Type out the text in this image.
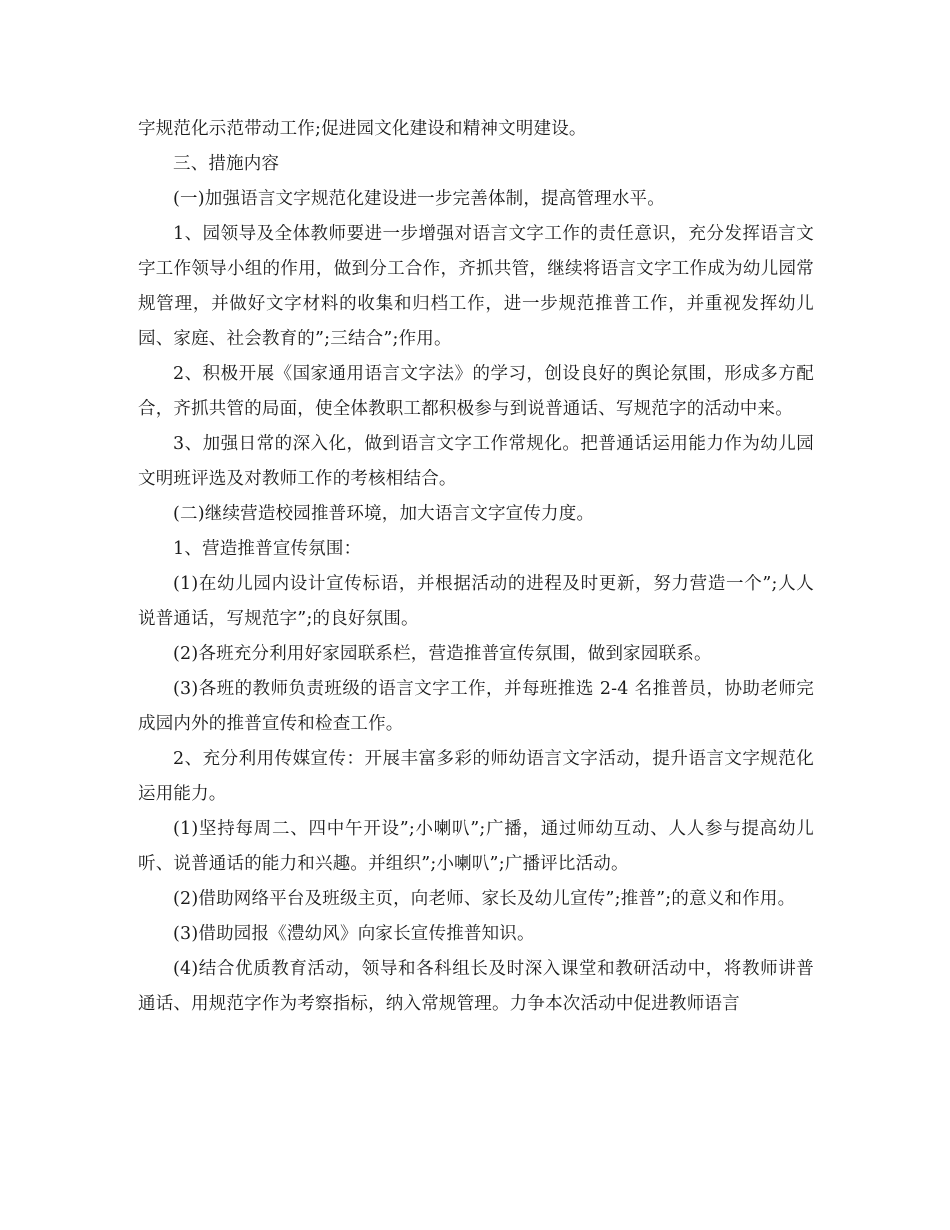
字规范化示范带动工作;促进园文化建设和精神文明建设。

三、措施内容

(一)加强语言文字规范化建设进一步完善体制，提高管理水平。

1、园领导及全体教师要进一步增强对语言文字工作的责任意识，充分发挥语言文字工作领导小组的作用，做到分工合作，齐抓共管，继续将语言文字工作成为幼儿园常规管理，并做好文字材料的收集和归档工作，进一步规范推普工作，并重视发挥幼儿园、家庭、社会教育的”;三结合”;作用。

2、积极开展《国家通用语言文字法》的学习，创设良好的舆论氛围，形成多方配合，齐抓共管的局面，使全体教职工都积极参与到说普通话、写规范字的活动中来。

3、加强日常的深入化，做到语言文字工作常规化。把普通话运用能力作为幼儿园文明班评选及对教师工作的考核相结合。

(二)继续营造校园推普环境，加大语言文字宣传力度。

1、营造推普宣传氛围：

(1)在幼儿园内设计宣传标语，并根据活动的进程及时更新，努力营造一个”;人人说普通话，写规范字”;的良好氛围。

(2)各班充分利用好家园联系栏，营造推普宣传氛围，做到家园联系。

(3)各班的教师负责班级的语言文字工作，并每班推选 2-4 名推普员，协助老师完成园内外的推普宣传和检查工作。

2、充分利用传媒宣传：开展丰富多彩的师幼语言文字活动，提升语言文字规范化运用能力。

(1)坚持每周二、四中午开设”;小喇叭”;广播，通过师幼互动、人人参与提高幼儿听、说普通话的能力和兴趣。并组织”;小喇叭”;广播评比活动。

(2)借助网络平台及班级主页，向老师、家长及幼儿宣传”;推普”;的意义和作用。

(3)借助园报《澧幼风》向家长宣传推普知识。

(4)结合优质教育活动，领导和各科组长及时深入课堂和教研活动中，将教师讲普通话、用规范字作为考察指标，纳入常规管理。力争本次活动中促进教师语言
